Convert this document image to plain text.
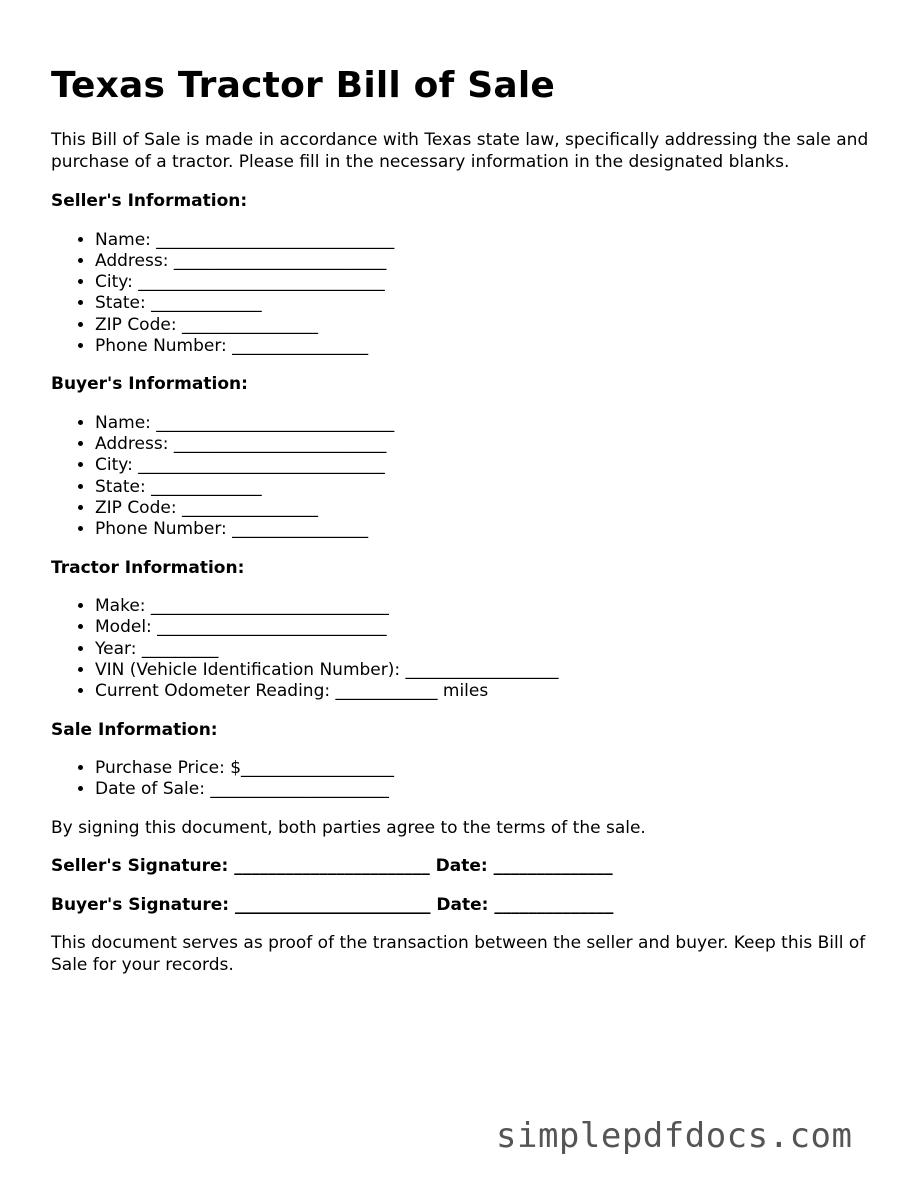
Texas Tractor Bill of Sale

This Bill of Sale is made in accordance with Texas state law, specifically addressing the sale and purchase of a tractor. Please fill in the necessary information in the designated blanks.

Seller's Information:
• Name: ____________________________
• Address: _________________________
• City: _____________________________
• State: _____________
• ZIP Code: ________________
• Phone Number: ________________
Buyer's Information:
• Name: ____________________________
• Address: _________________________
• City: _____________________________
• State: _____________
• ZIP Code: ________________
• Phone Number: ________________
Tractor Information:
• Make: ____________________________
• Model: ___________________________
• Year: _________
• VIN (Vehicle Identification Number): __________________
• Current Odometer Reading: ____________ miles
Sale Information:
• Purchase Price: $__________________
• Date of Sale: _____________________

By signing this document, both parties agree to the terms of the sale.

Seller's Signature: _______________________ Date: ______________
Buyer's Signature: _______________________ Date: ______________

This document serves as proof of the transaction between the seller and buyer. Keep this Bill of Sale for your records.

simplepdfdocs.com
